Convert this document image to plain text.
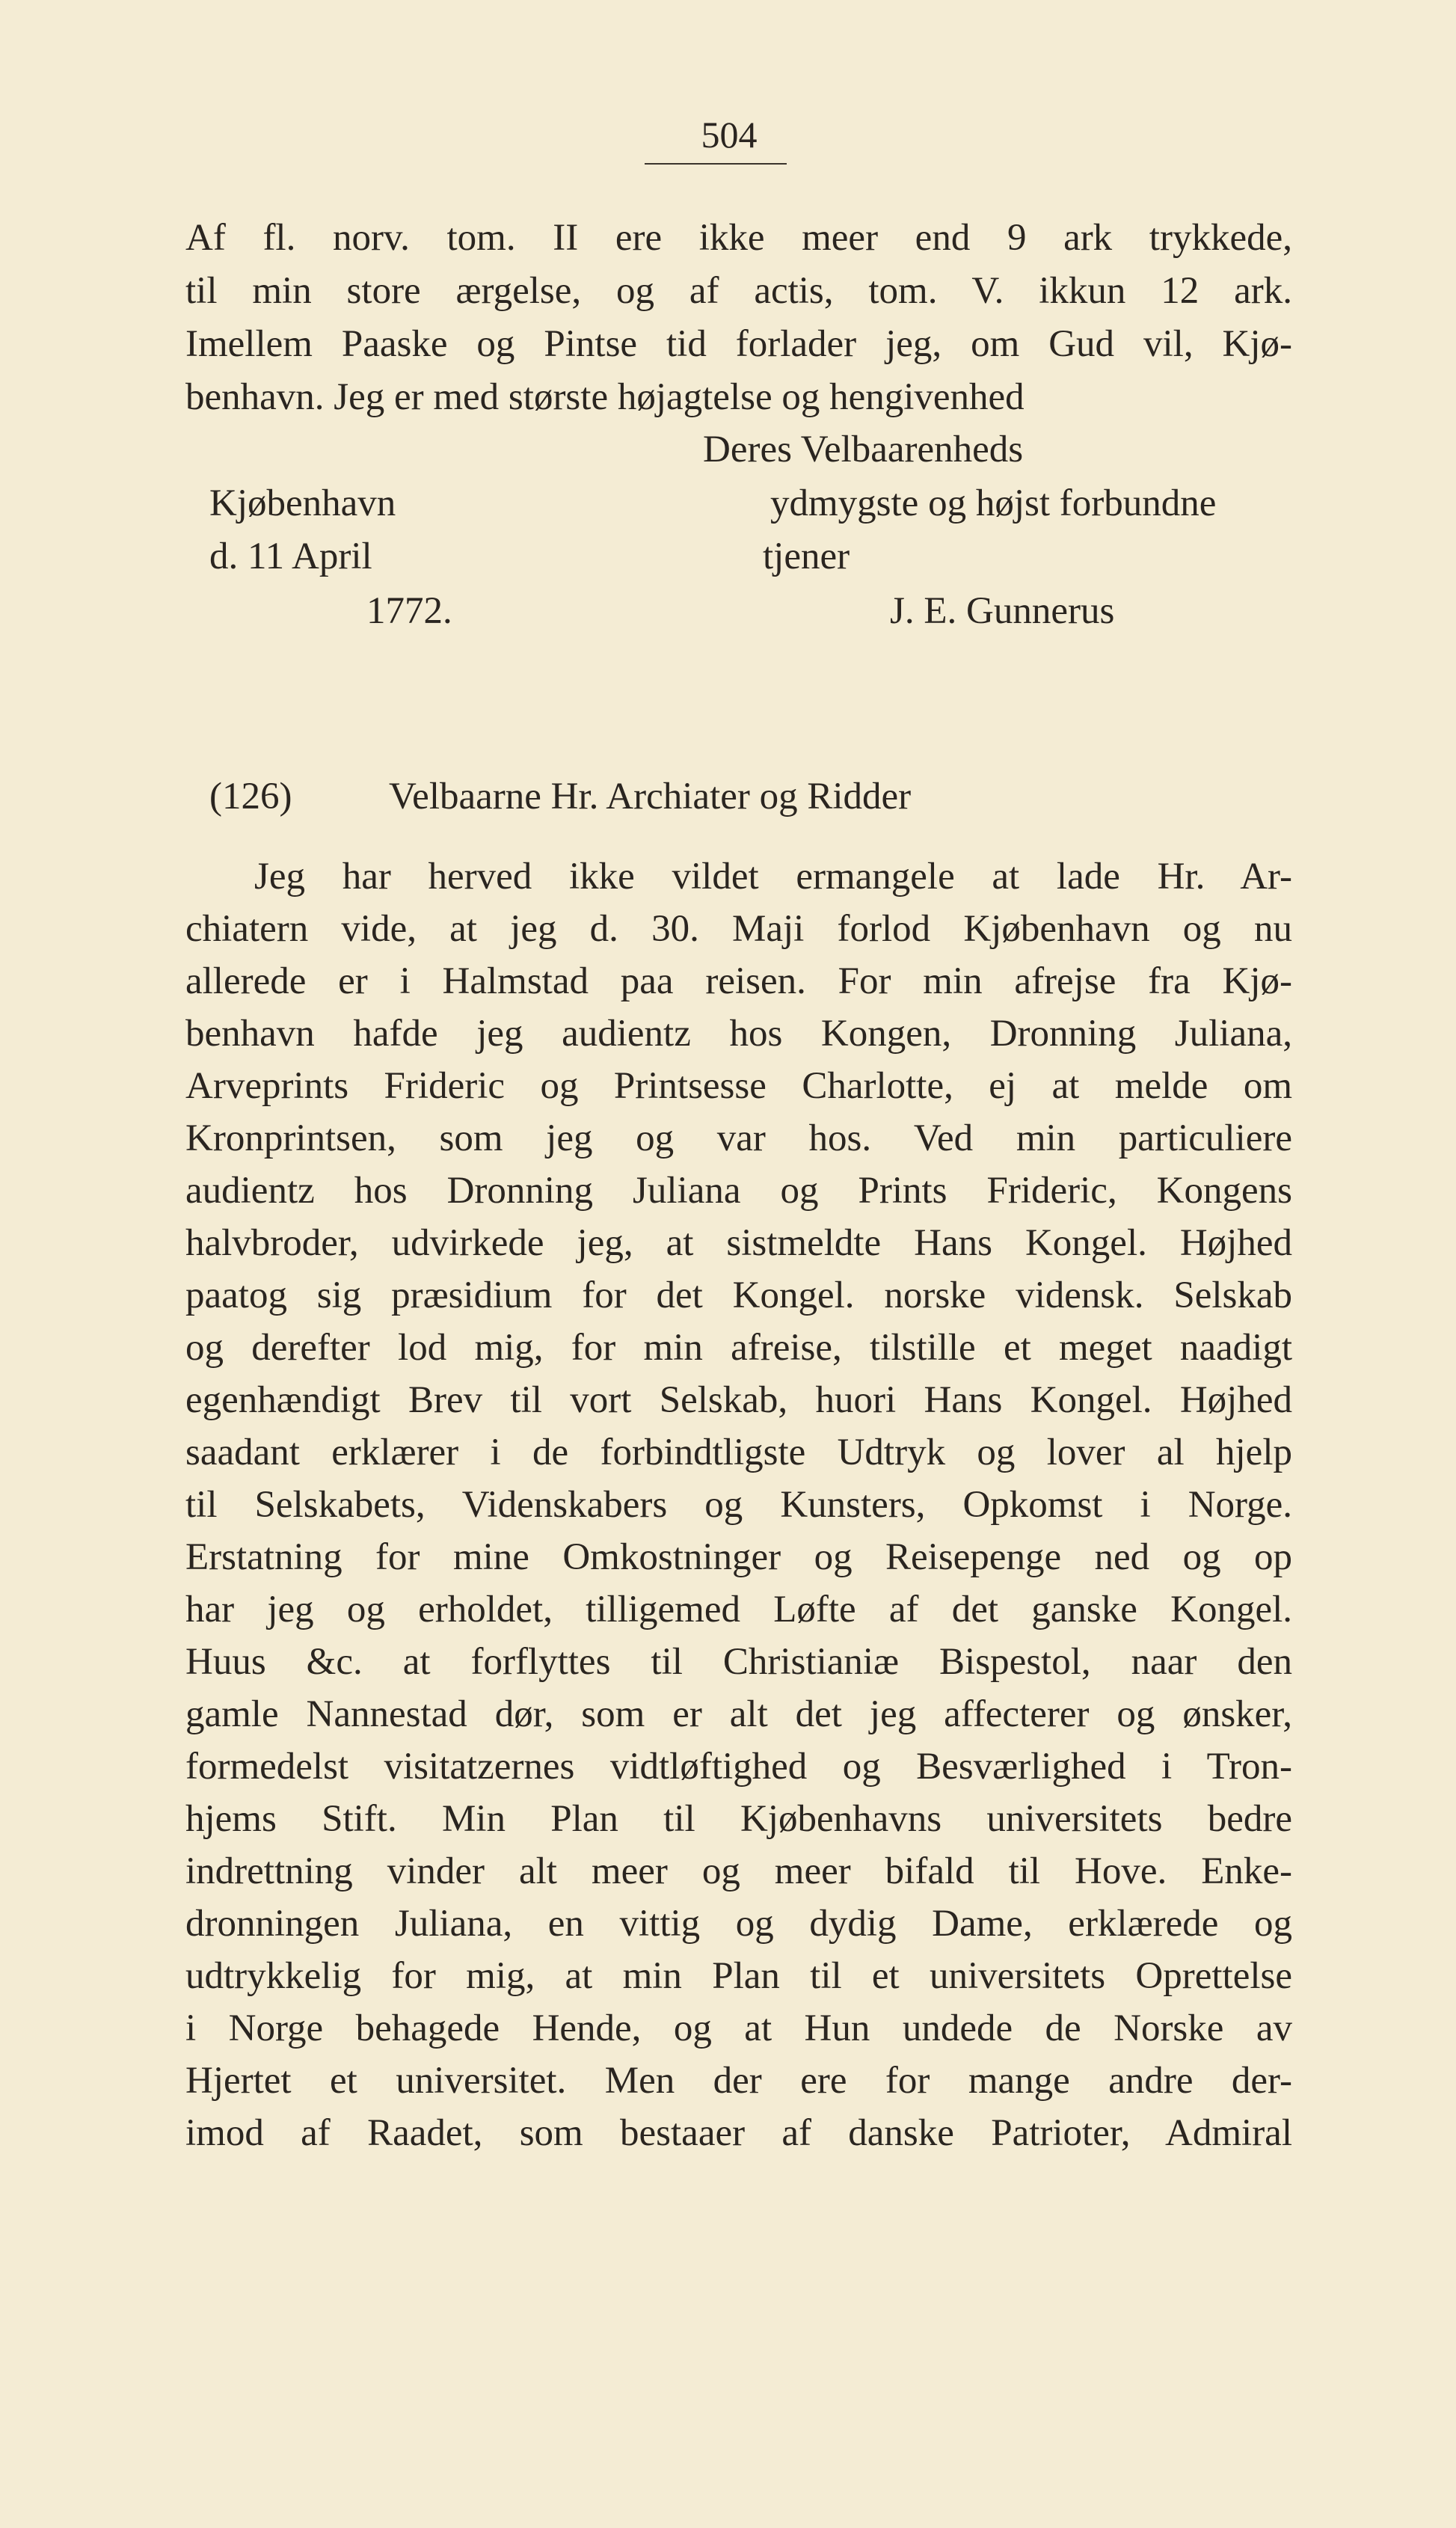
504
Af fl. norv. tom. II ere ikke meer end 9 ark trykkede,
til min store ærgelse, og af actis, tom. V. ikkun 12 ark.
Imellem Paaske og Pintse tid forlader jeg, om Gud vil, Kjø-
benhavn. Jeg er med største højagtelse og hengivenhed
Deres Velbaarenheds
Kjøbenhavn	ydmygste og højst forbundne
d. 11 April	tjener
1772.	J. E. Gunnerus
(126)	Velbaarne Hr. Archiater og Ridder
Jeg har herved ikke vildet ermangele at lade Hr. Ar-
chiatern vide, at jeg d. 30. Maji forlod Kjøbenhavn og nu
allerede er i Halmstad paa reisen. For min afrejse fra Kjø-
benhavn hafde jeg audientz hos Kongen, Dronning Juliana,
Arveprints Frideric og Printsesse Charlotte, ej at melde om
Kronprintsen, som jeg og var hos. Ved min particuliere
audientz hos Dronning Juliana og Prints Frideric, Kongens
halvbroder, udvirkede jeg, at sistmeldte Hans Kongel. Højhed
paatog sig præsidium for det Kongel. norske vidensk. Selskab
og derefter lod mig, for min afreise, tilstille et meget naadigt
egenhændigt Brev til vort Selskab, huori Hans Kongel. Højhed
saadant erklærer i de forbindtligste Udtryk og lover al hjelp
til Selskabets, Videnskabers og Kunsters, Opkomst i Norge.
Erstatning for mine Omkostninger og Reisepenge ned og op
har jeg og erholdet, tilligemed Løfte af det ganske Kongel.
Huus &c. at forflyttes til Christianiæ Bispestol, naar den
gamle Nannestad dør, som er alt det jeg affecterer og ønsker,
formedelst visitatzernes vidtløftighed og Besværlighed i Tron-
hjems Stift. Min Plan til Kjøbenhavns universitets bedre
indrettning vinder alt meer og meer bifald til Hove. Enke-
dronningen Juliana, en vittig og dydig Dame, erklærede og
udtrykkelig for mig, at min Plan til et universitets Oprettelse
i Norge behagede Hende, og at Hun undede de Norske av
Hjertet et universitet. Men der ere for mange andre der-
imod af Raadet, som bestaaer af danske Patrioter, Admiral
